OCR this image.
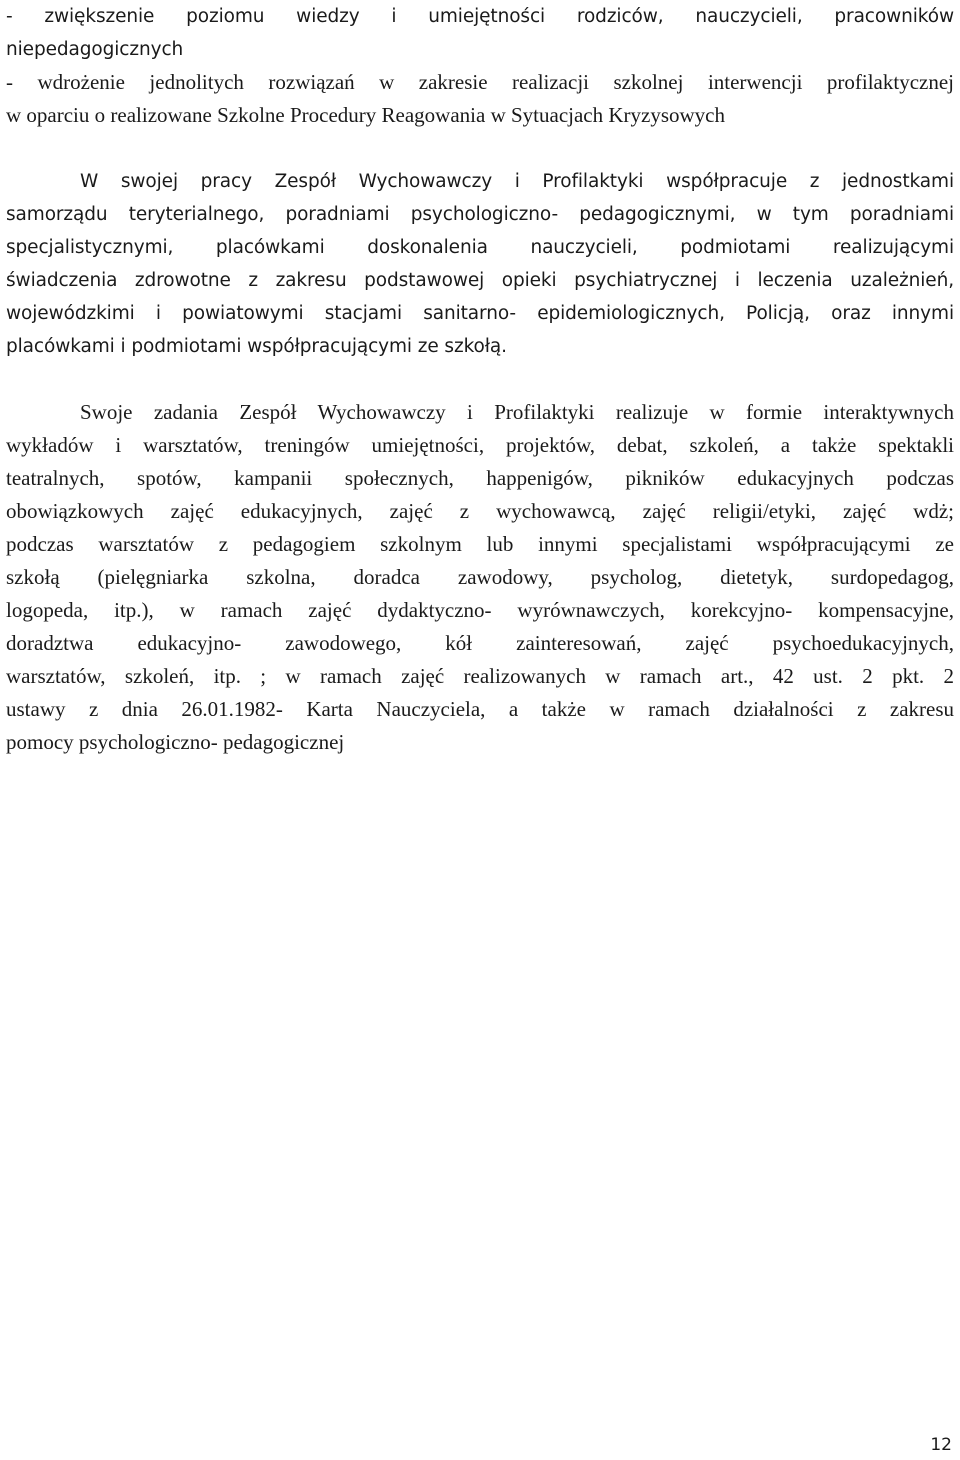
- zwiększenie poziomu wiedzy i umiejętności rodziców, nauczycieli, pracowników
niepedagogicznych
- wdrożenie jednolitych rozwiązań w zakresie realizacji szkolnej interwencji profilaktycznej
w oparciu o realizowane Szkolne Procedury Reagowania w Sytuacjach Kryzysowych
W swojej pracy Zespół Wychowawczy i Profilaktyki współpracuje z jednostkami
samorządu teryterialnego, poradniami psychologiczno- pedagogicznymi, w tym poradniami
specjalistycznymi, placówkami doskonalenia nauczycieli, podmiotami realizującymi
świadczenia zdrowotne z zakresu podstawowej opieki psychiatrycznej i leczenia uzależnień,
wojewódzkimi i powiatowymi stacjami sanitarno- epidemiologicznych, Policją, oraz innymi
placówkami i podmiotami współpracującymi ze szkołą.
Swoje zadania Zespół Wychowawczy i Profilaktyki realizuje w formie interaktywnych
wykładów i warsztatów, treningów umiejętności, projektów, debat, szkoleń, a także spektakli
teatralnych, spotów, kampanii społecznych, happenigów, pikników edukacyjnych podczas
obowiązkowych zajęć edukacyjnych, zajęć z wychowawcą, zajęć religii/etyki, zajęć wdż;
podczas warsztatów z pedagogiem szkolnym lub innymi specjalistami współpracującymi ze
szkołą (pielęgniarka szkolna, doradca zawodowy, psycholog, dietetyk, surdopedagog,
logopeda, itp.), w ramach zajęć dydaktyczno- wyrównawczych, korekcyjno- kompensacyjne,
doradztwa edukacyjno- zawodowego, kół zainteresowań, zajęć psychoedukacyjnych,
warsztatów, szkoleń, itp. ; w ramach zajęć realizowanych w ramach art., 42 ust. 2 pkt. 2
ustawy z dnia 26.01.1982- Karta Nauczyciela, a także w ramach działalności z zakresu
pomocy psychologiczno- pedagogicznej
12
